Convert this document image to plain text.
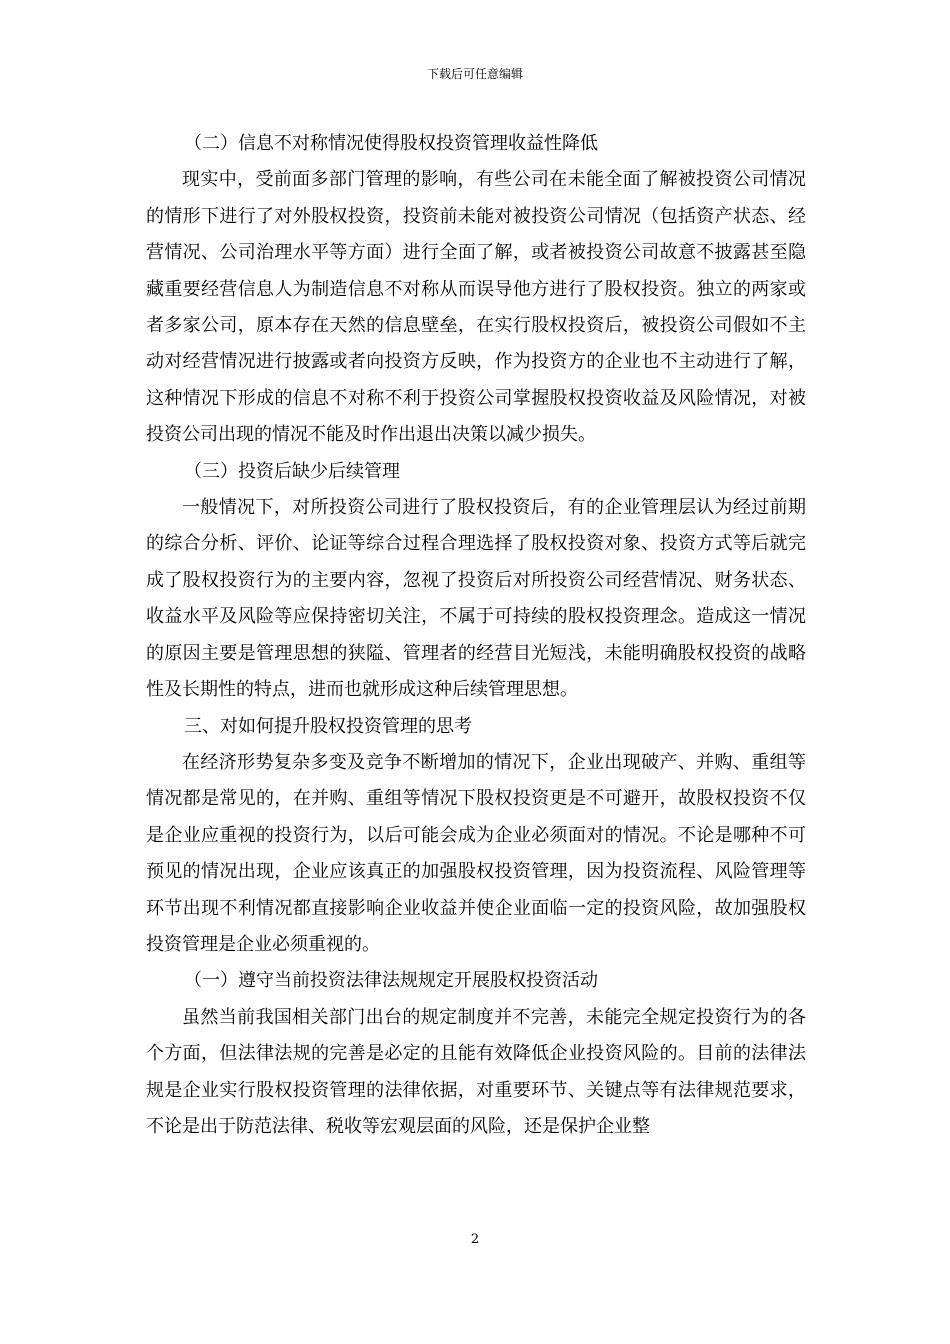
下载后可任意编辑

（二）信息不对称情况使得股权投资管理收益性降低

现实中，受前面多部门管理的影响，有些公司在未能全面了解被投资公司情况的情形下进行了对外股权投资，投资前未能对被投资公司情况（包括资产状态、经营情况、公司治理水平等方面）进行全面了解，或者被投资公司故意不披露甚至隐藏重要经营信息人为制造信息不对称从而误导他方进行了股权投资。独立的两家或者多家公司，原本存在天然的信息壁垒，在实行股权投资后，被投资公司假如不主动对经营情况进行披露或者向投资方反映，作为投资方的企业也不主动进行了解，这种情况下形成的信息不对称不利于投资公司掌握股权投资收益及风险情况，对被投资公司出现的情况不能及时作出退出决策以减少损失。

（三）投资后缺少后续管理

一般情况下，对所投资公司进行了股权投资后，有的企业管理层认为经过前期的综合分析、评价、论证等综合过程合理选择了股权投资对象、投资方式等后就完成了股权投资行为的主要内容，忽视了投资后对所投资公司经营情况、财务状态、收益水平及风险等应保持密切关注，不属于可持续的股权投资理念。造成这一情况的原因主要是管理思想的狭隘、管理者的经营目光短浅，未能明确股权投资的战略性及长期性的特点，进而也就形成这种后续管理思想。

三、对如何提升股权投资管理的思考

在经济形势复杂多变及竞争不断增加的情况下，企业出现破产、并购、重组等情况都是常见的，在并购、重组等情况下股权投资更是不可避开，故股权投资不仅是企业应重视的投资行为，以后可能会成为企业必须面对的情况。不论是哪种不可预见的情况出现，企业应该真正的加强股权投资管理，因为投资流程、风险管理等环节出现不利情况都直接影响企业收益并使企业面临一定的投资风险，故加强股权投资管理是企业必须重视的。

（一）遵守当前投资法律法规规定开展股权投资活动

虽然当前我国相关部门出台的规定制度并不完善，未能完全规定投资行为的各个方面，但法律法规的完善是必定的且能有效降低企业投资风险的。目前的法律法规是企业实行股权投资管理的法律依据，对重要环节、关键点等有法律规范要求，不论是出于防范法律、税收等宏观层面的风险，还是保护企业整

2
